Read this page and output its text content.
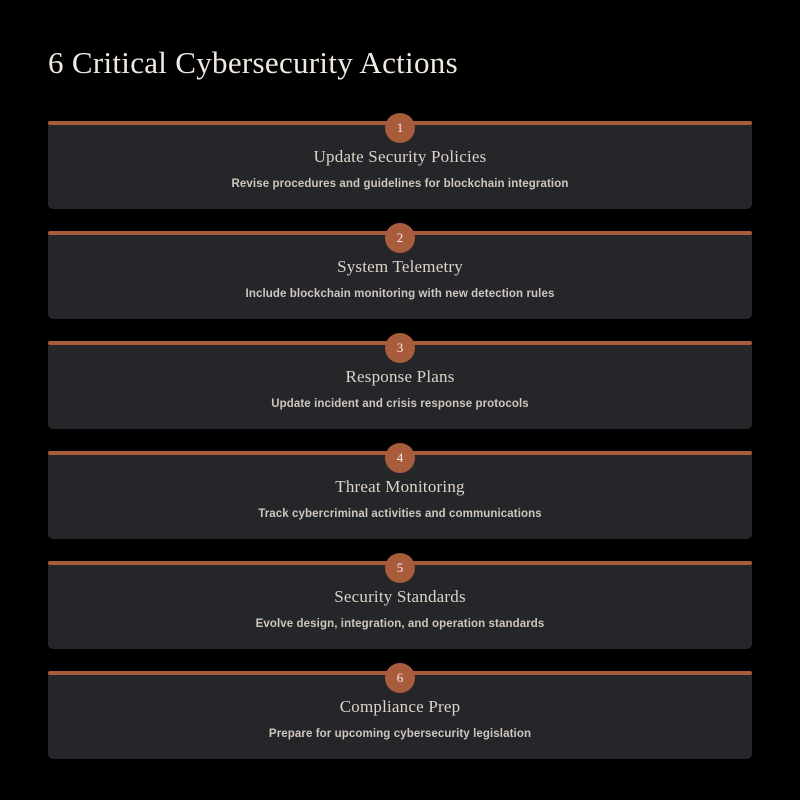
6 Critical Cybersecurity Actions
Update Security Policies
Revise procedures and guidelines for blockchain integration
1
System Telemetry
Include blockchain monitoring with new detection rules
2
Response Plans
Update incident and crisis response protocols
3
Threat Monitoring
Track cybercriminal activities and communications
4
Security Standards
Evolve design, integration, and operation standards
5
Compliance Prep
Prepare for upcoming cybersecurity legislation
6
